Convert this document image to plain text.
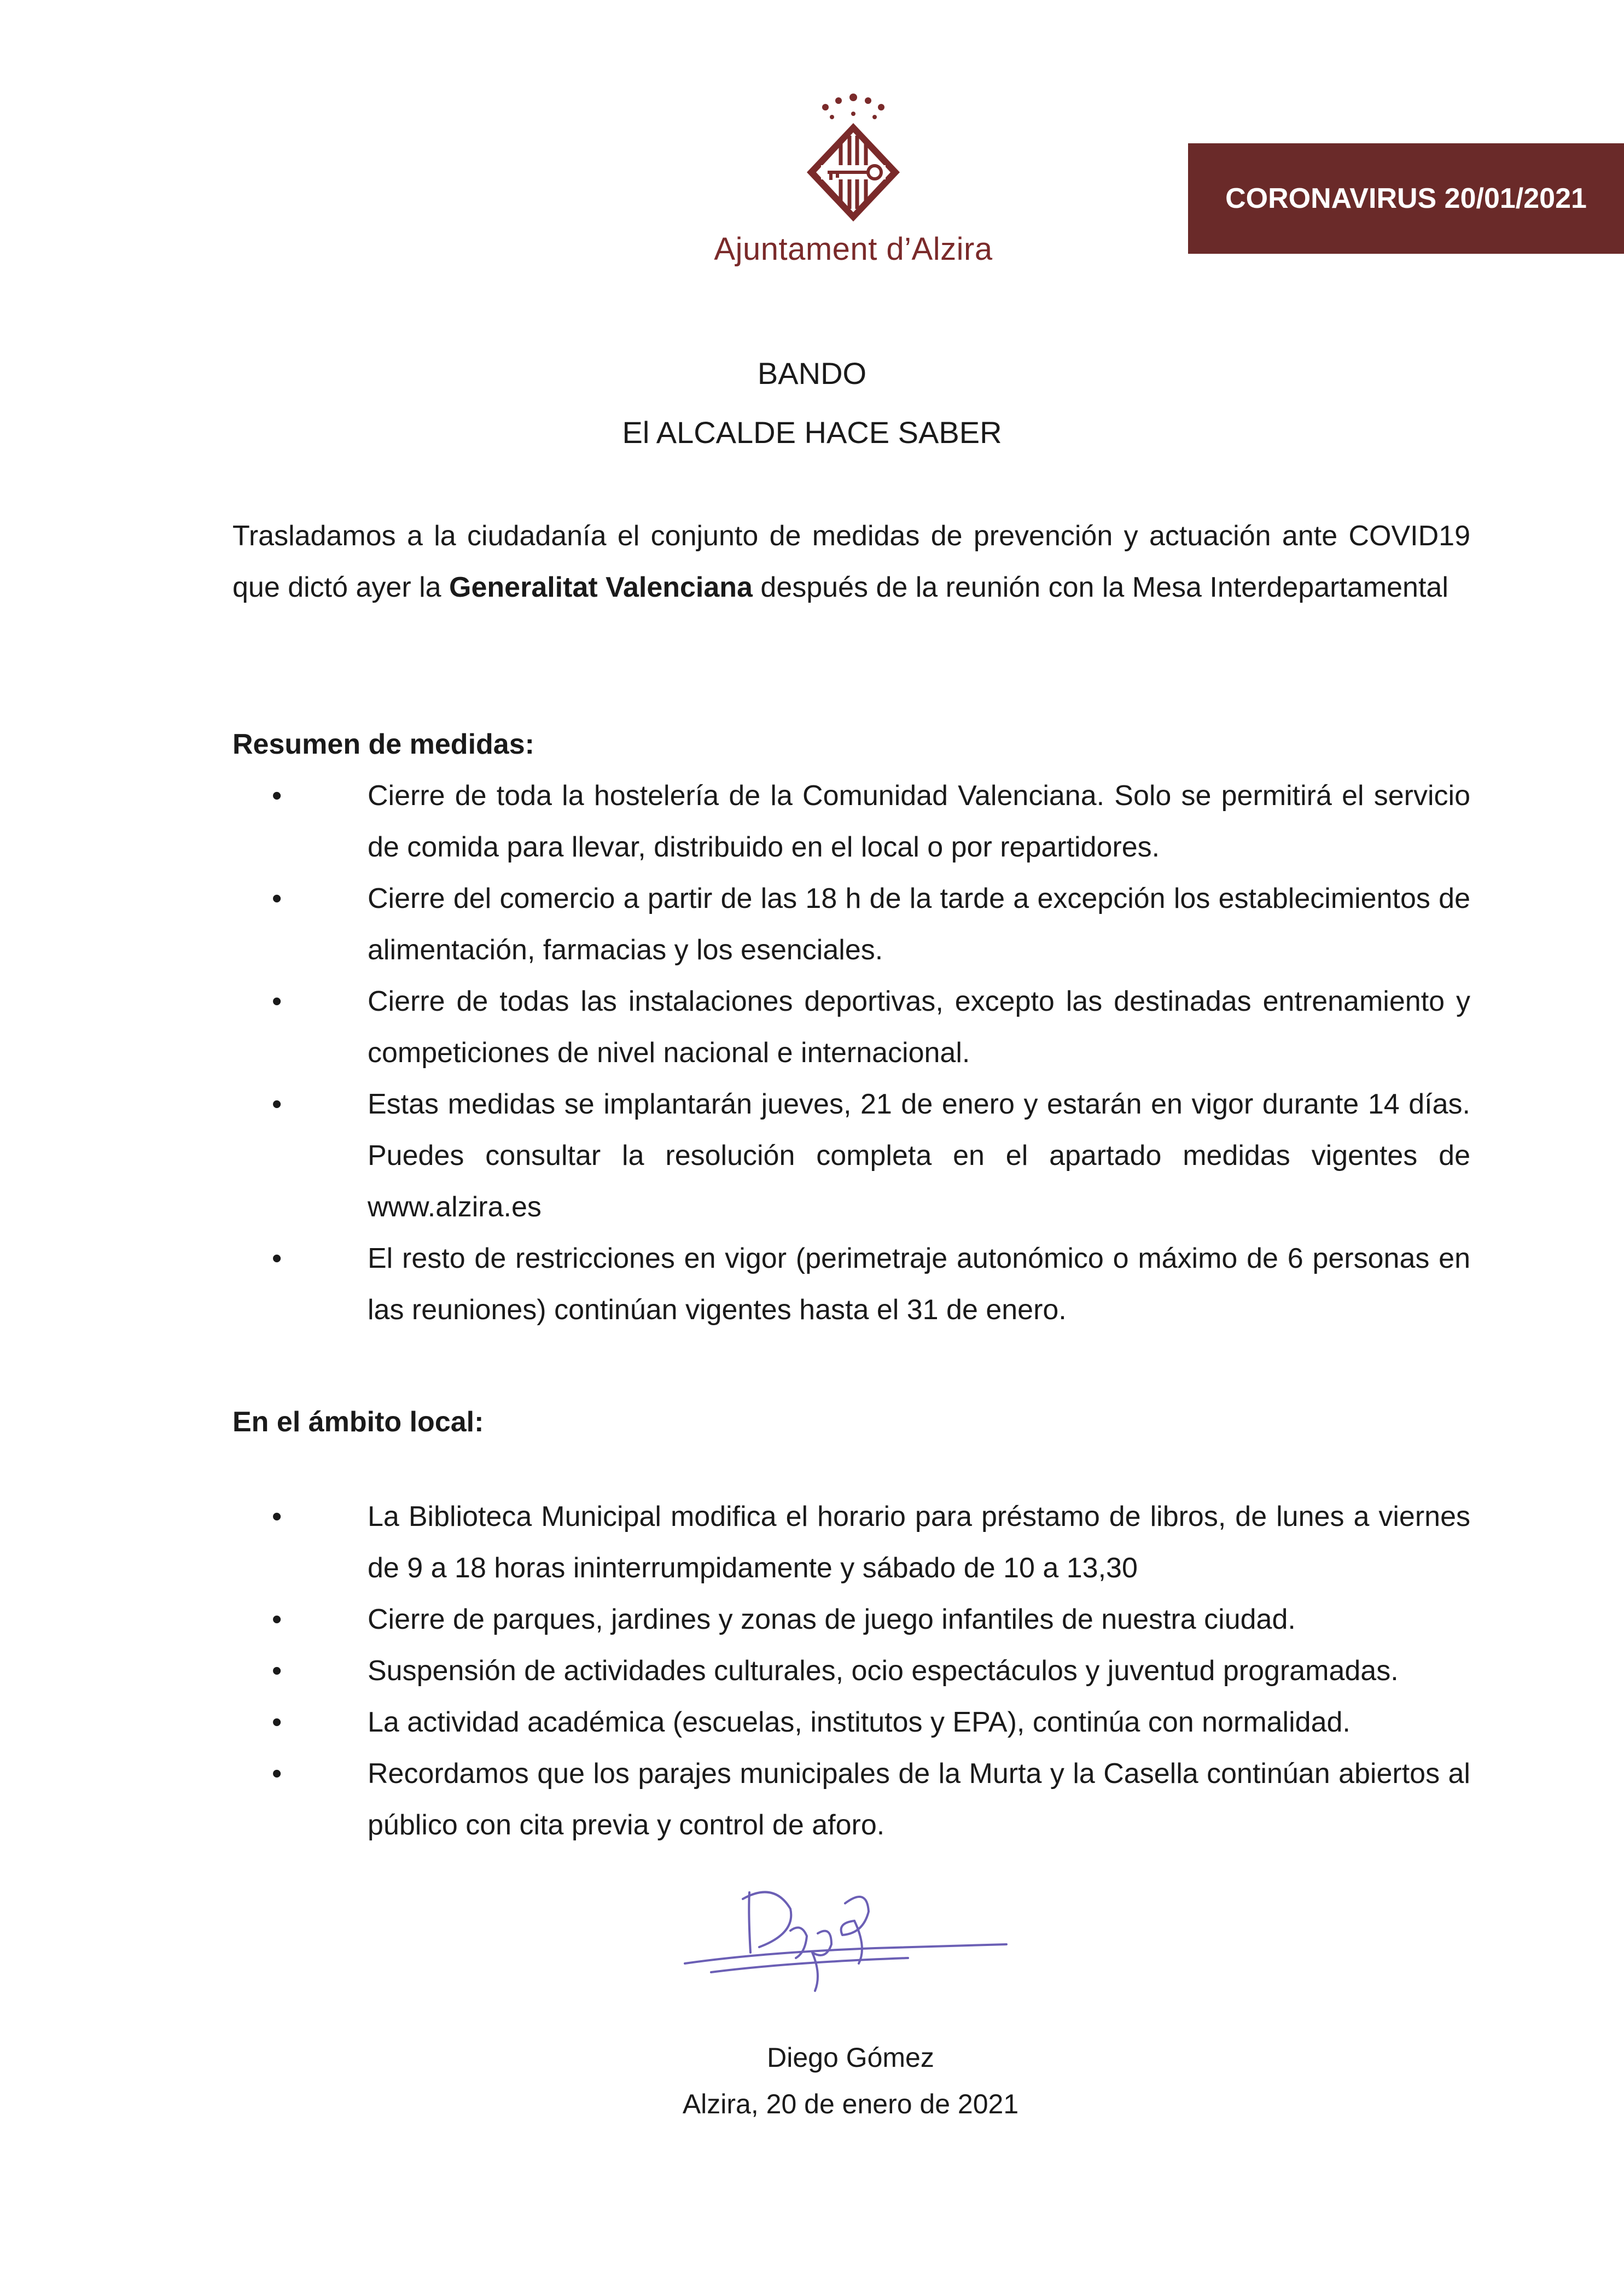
Ajuntament d’Alzira
CORONAVIRUS 20/01/2021
BANDO
El ALCALDE HACE SABER

Trasladamos a la ciudadanía el conjunto de medidas de prevención y actuación ante COVID19 que dictó ayer la Generalitat Valenciana después de la reunión con la Mesa Interdepartamental

Resumen de medidas:

•	Cierre de toda la hostelería de la Comunidad Valenciana. Solo se permitirá el servicio de comida para llevar, distribuido en el local o por repartidores.
•	Cierre del comercio a partir de las 18 h de la tarde a excepción los establecimientos de alimentación, farmacias y los esenciales.
•	Cierre de todas las instalaciones deportivas, excepto las destinadas entrenamiento y competiciones de nivel nacional e internacional.
•	Estas medidas se implantarán jueves, 21 de enero y estarán en vigor durante 14 días. Puedes consultar la resolución completa en el apartado medidas vigentes de www.alzira.es
•	El resto de restricciones en vigor (perimetraje autonómico o máximo de 6 personas en las reuniones) continúan vigentes hasta el 31 de enero.

En el ámbito local:

•	La Biblioteca Municipal modifica el horario para préstamo de libros, de lunes a viernes de 9 a 18 horas ininterrumpidamente y sábado de 10 a 13,30
•	Cierre de parques, jardines y zonas de juego infantiles de nuestra ciudad.
•	Suspensión de actividades culturales, ocio espectáculos y juventud programadas.
•	La actividad académica (escuelas, institutos y EPA), continúa con normalidad.
•	Recordamos que los parajes municipales de la Murta y la Casella continúan abiertos al público con cita previa y control de aforo.
Diego Gómez
Alzira, 20 de enero de 2021
